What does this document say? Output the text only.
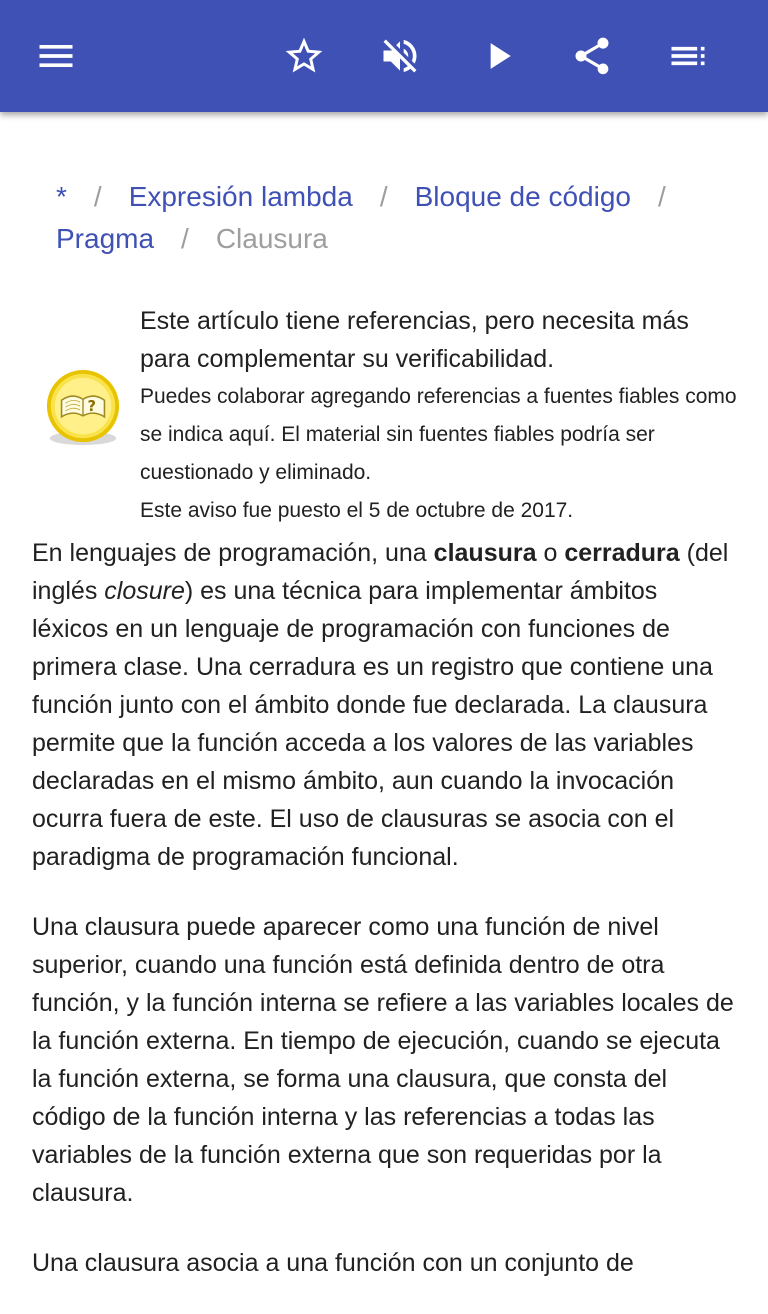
* / Expresión lambda / Bloque de código /
Pragma / Clausura
?
Este artículo tiene referencias, pero necesita más para complementar su verificabilidad.
Puedes colaborar agregando referencias a fuentes fiables como se indica aquí. El material sin fuentes fiables podría ser cuestionado y eliminado.
Este aviso fue puesto el 5 de octubre de 2017.

En lenguajes de programación, una clausura o cerradura (del inglés closure) es una técnica para implementar ámbitos léxicos en un lenguaje de programación con funciones de primera clase. Una cerradura es un registro que contiene una función junto con el ámbito donde fue declarada. La clausura permite que la función acceda a los valores de las variables declaradas en el mismo ámbito, aun cuando la invocación ocurra fuera de este. El uso de clausuras se asocia con el paradigma de programación funcional.

Una clausura puede aparecer como una función de nivel superior, cuando una función está definida dentro de otra función, y la función interna se refiere a las variables locales de la función externa. En tiempo de ejecución, cuando se ejecuta la función externa, se forma una clausura, que consta del código de la función interna y las referencias a todas las variables de la función externa que son requeridas por la clausura.

Una clausura asocia a una función con un conjunto de
